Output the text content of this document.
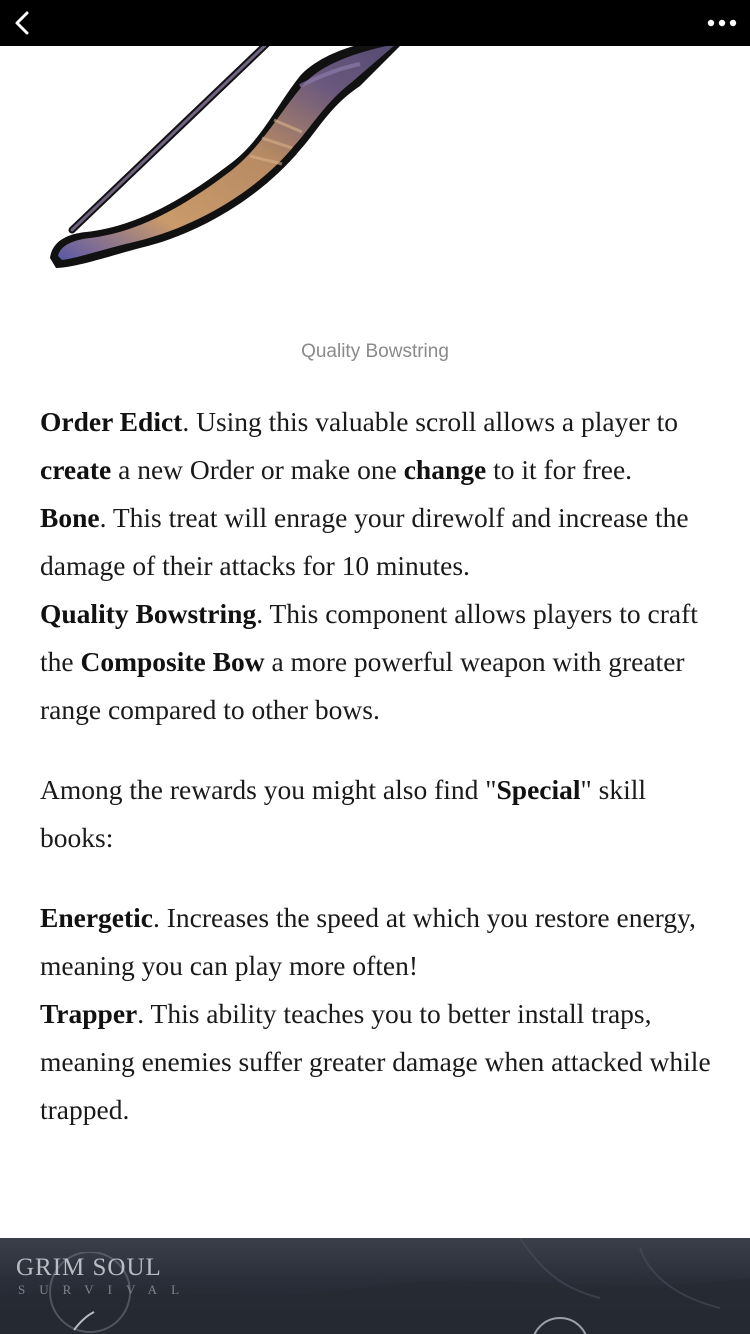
Quality Bowstring

Order Edict. Using this valuable scroll allows a player to create a new Order or make one change to it for free.

Bone. This treat will enrage your direwolf and increase the damage of their attacks for 10 minutes.

Quality Bowstring. This component allows players to craft the Composite Bow a more powerful weapon with greater range compared to other bows.

Among the rewards you might also find "Special" skill books:

Energetic. Increases the speed at which you restore energy, meaning you can play more often!

Trapper. This ability teaches you to better install traps, meaning enemies suffer greater damage when attacked while trapped.

GRIM SOUL
SURVIVAL
